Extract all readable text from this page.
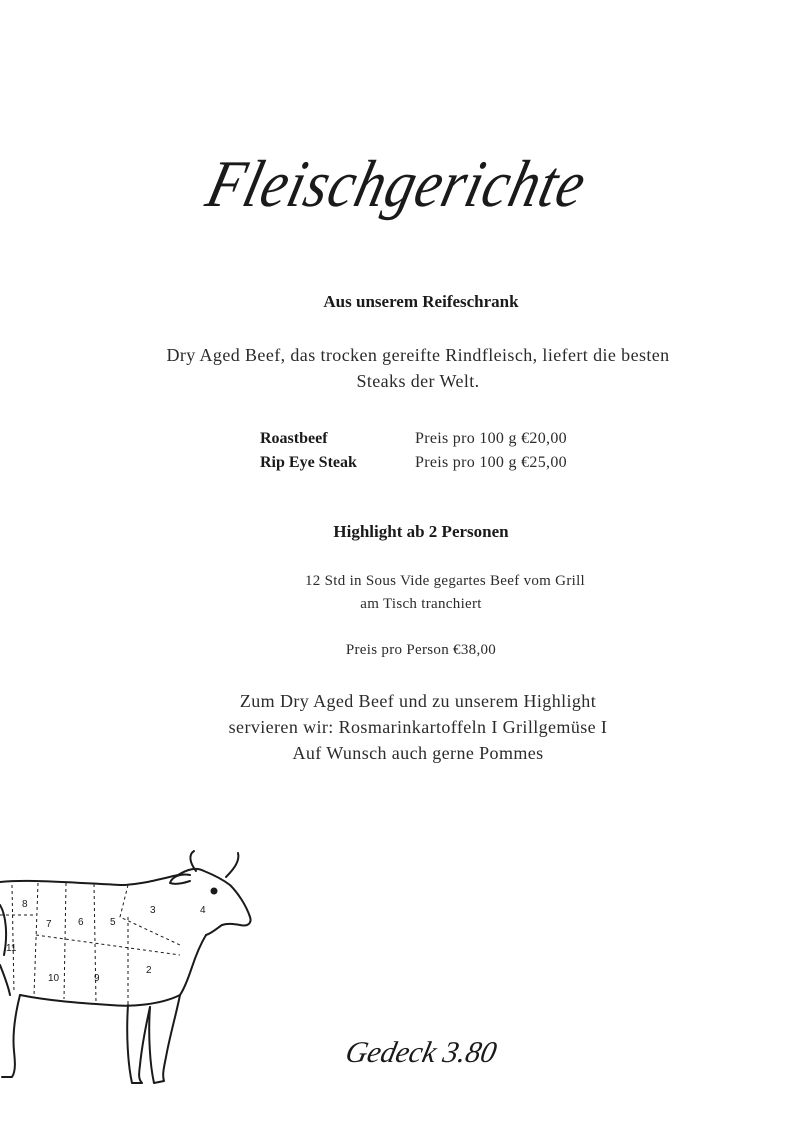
Fleischgerichte
Aus unserem Reifeschrank
Dry Aged Beef, das trocken gereifte Rindfleisch, liefert die besten
Steaks der Welt.
Roastbeef	Preis pro 100 g €20,00
Rip Eye Steak	Preis pro 100 g €25,00
Highlight ab 2 Personen
12 Std in Sous Vide gegartes Beef vom Grill
am Tisch tranchiert
Preis pro Person €38,00
Zum Dry Aged Beef und zu unserem Highlight
servieren wir: Rosmarinkartoffeln I Grillgemüse I
Auf Wunsch auch gerne Pommes
8
7	6	5
3	4
11
10	9
2
Gedeck 3.80
